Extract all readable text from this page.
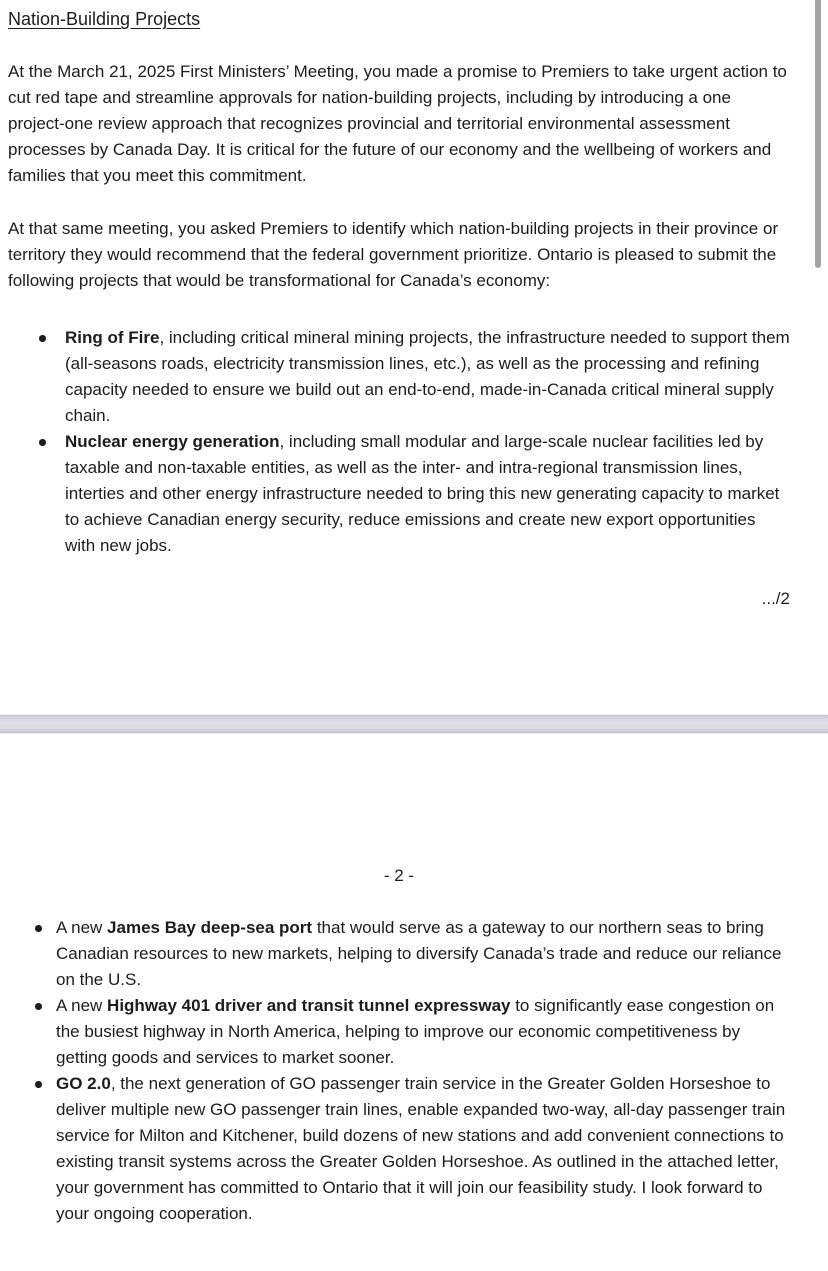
Nation-Building Projects

At the March 21, 2025 First Ministers’ Meeting, you made a promise to Premiers to take urgent action to cut red tape and streamline approvals for nation-building projects, including by introducing a one project-one review approach that recognizes provincial and territorial environmental assessment processes by Canada Day. It is critical for the future of our economy and the wellbeing of workers and families that you meet this commitment.

At that same meeting, you asked Premiers to identify which nation-building projects in their province or territory they would recommend that the federal government prioritize. Ontario is pleased to submit the following projects that would be transformational for Canada’s economy:

Ring of Fire, including critical mineral mining projects, the infrastructure needed to support them (all-seasons roads, electricity transmission lines, etc.), as well as the processing and refining capacity needed to ensure we build out an end-to-end, made-in-Canada critical mineral supply chain.
Nuclear energy generation, including small modular and large-scale nuclear facilities led by taxable and non-taxable entities, as well as the inter- and intra-regional transmission lines, interties and other energy infrastructure needed to bring this new generating capacity to market to achieve Canadian energy security, reduce emissions and create new export opportunities with new jobs.
.../2
- 2 -
A new James Bay deep-sea port that would serve as a gateway to our northern seas to bring Canadian resources to new markets, helping to diversify Canada’s trade and reduce our reliance on the U.S.
A new Highway 401 driver and transit tunnel expressway to significantly ease congestion on the busiest highway in North America, helping to improve our economic competitiveness by getting goods and services to market sooner.
GO 2.0, the next generation of GO passenger train service in the Greater Golden Horseshoe to deliver multiple new GO passenger train lines, enable expanded two-way, all-day passenger train service for Milton and Kitchener, build dozens of new stations and add convenient connections to existing transit systems across the Greater Golden Horseshoe. As outlined in the attached letter, your government has committed to Ontario that it will join our feasibility study. I look forward to your ongoing cooperation.
